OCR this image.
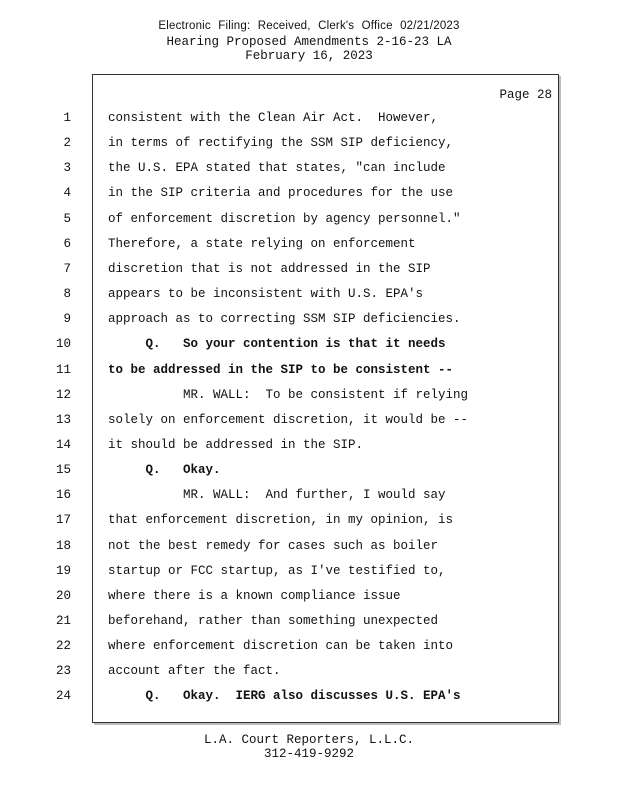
Electronic Filing: Received, Clerk's Office 02/21/2023
Hearing Proposed Amendments 2-16-23 LA
February 16, 2023
Page 28
1	consistent with the Clean Air Act.  However,
2	in terms of rectifying the SSM SIP deficiency,
3	the U.S. EPA stated that states, "can include
4	in the SIP criteria and procedures for the use
5	of enforcement discretion by agency personnel."
6	Therefore, a state relying on enforcement
7	discretion that is not addressed in the SIP
8	appears to be inconsistent with U.S. EPA's
9	approach as to correcting SSM SIP deficiencies.
10	Q.   So your contention is that it needs
11	to be addressed in the SIP to be consistent --
12	MR. WALL:  To be consistent if relying
13	solely on enforcement discretion, it would be --
14	it should be addressed in the SIP.
15	Q.   Okay.
16	MR. WALL:  And further, I would say
17	that enforcement discretion, in my opinion, is
18	not the best remedy for cases such as boiler
19	startup or FCC startup, as I've testified to,
20	where there is a known compliance issue
21	beforehand, rather than something unexpected
22	where enforcement discretion can be taken into
23	account after the fact.
24	Q.   Okay.  IERG also discusses U.S. EPA's
L.A. Court Reporters, L.L.C.
312-419-9292
